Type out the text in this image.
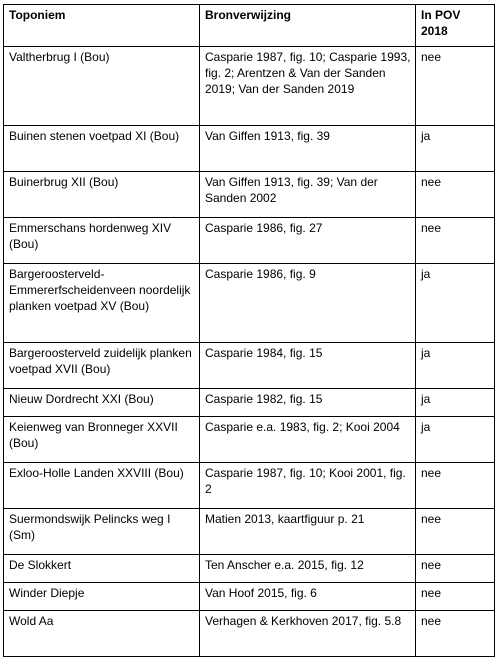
Toponiem	Bronverwijzing	In POV 2018
Valtherbrug I (Bou)	Casparie 1987, fig. 10; Casparie 1993, fig. 2; Arentzen & Van der Sanden 2019; Van der Sanden 2019	nee
Buinen stenen voetpad XI (Bou)	Van Giffen 1913, fig. 39	ja
Buinerbrug XII (Bou)	Van Giffen 1913, fig. 39; Van der Sanden 2002	nee
Emmerschans hordenweg XIV (Bou)	Casparie 1986, fig. 27	nee
Bargeroosterveld-Emmererfscheidenveen noordelijk planken voetpad XV (Bou)	Casparie 1986, fig. 9	ja
Bargeroosterveld zuidelijk planken voetpad XVII (Bou)	Casparie 1984, fig. 15	ja
Nieuw Dordrecht XXI (Bou)	Casparie 1982, fig. 15	ja
Keienweg van Bronneger XXVII (Bou)	Casparie e.a. 1983, fig. 2; Kooi 2004	ja
Exloo-Holle Landen XXVIII (Bou)	Casparie 1987, fig. 10; Kooi 2001, fig. 2	nee
Suermondswijk Pelincks weg I (Sm)	Matien 2013, kaartfiguur p. 21	nee
De Slokkert	Ten Anscher e.a. 2015, fig. 12	nee
Winder Diepje	Van Hoof 2015, fig. 6	nee
Wold Aa	Verhagen & Kerkhoven 2017, fig. 5.8	nee
